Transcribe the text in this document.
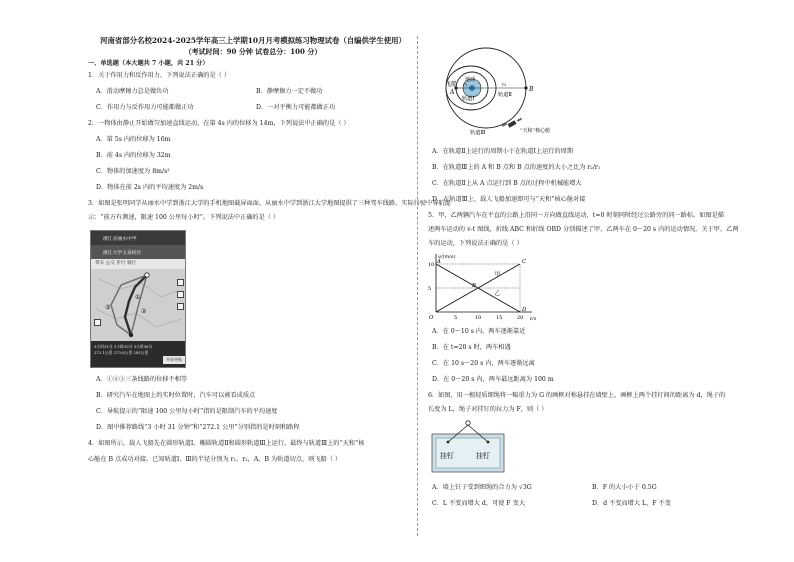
河南省部分名校2024-2025学年高三上学期10月月考模拟练习物理试卷（自编供学生使用）
（考试时间：90 分钟 试卷总分：100 分）
一、单选题（本大题共 7 小题，共 21 分）
1．关于作用力和反作用力，下列说法正确的是（ ）
A．滑动摩擦力总是做负功	B．静摩擦力一定不做功
C．作用力与反作用力可能都做正功	D．一对平衡力可能都做正功
2．一物体由静止开始做匀加速直线运动，在第 4s 内的位移为 14m，下列说法中正确的是（ ）
A．第 5s 内的位移为 16m
B．前 4s 内的位移为 32m
C．物体的加速度为 8m/s²
D．物体在前 2s 内的平均速度为 2m/s
3．如图是张明同学从丽水中学到浙江大学的手机地图截屏面面，从丽水中学到浙江大学地图提供了三种驾车线路。实际行驶中导航提
示：“前方有测速，限速 100 公里每小时”。下列说法中正确的是（ ）
浙江省丽水中学
浙江大学玉泉校区
驾车 公交 步行 骑行
①
②
③
3小时31分 3小时35分 3小时38分
272.1公里 273.8公里 283公里
开始导航
A．①②③三条线路的位移不相等
B．研究汽车在地图上的实时位置时，汽车可以被看成质点
C．导航提示的“限速 100 公里每小时”指的是限制汽车的平均速度
D．图中推荐路线“3 小时 31 分钟”和“272.1 公里”分别指的是时刻和路程
4．如图所示，载人飞船先在圆形轨道Ⅰ、椭圆轨道Ⅱ和圆形轨道Ⅲ上运行，最终与轨道Ⅲ上的“天和”核
心舱在 B 点成功对接。已知轨道Ⅰ、Ⅲ的半径分别为 r₁、r₂，A、B 为轨道切点，则飞船（ ）
飞船
A	B
地球
轨道Ⅰ
轨道Ⅱ
轨道Ⅲ
r₁	r₂
“天和”核心舱
A．在轨道Ⅱ上运行的周期小于在轨道Ⅰ上运行的周期
B．在轨道Ⅲ上的 A 和 B 点和 B 点的速度的大小之比为 r₂/r₁
C．在轨道Ⅱ上从 A 点运行到 B 点的过程中机械能增大
D．在轨道Ⅲ上，载人飞船加速即可与“天和”核心舱对接
5．甲、乙两辆汽车在平直的公路上沿同一方向做直线运动，t=0 时刻同时经过公路旁的同一路标。如图是描
述两车运动的 v-t 图线，折线 ABC 和折线 OBD 分别描述了甲、乙两车在 0～20 s 内的运动情况。关于甲、乙两
车的运动，下列说法正确的是（ ）
v/(m/s)
t/s
5	10	15	20
5
10 A
B
C
D
O
甲
乙
A．在 0～10 s 内，两车逐渐靠近
B．在 t=20 s 时，两车相遇
C．在 10 s～20 s 内，两车逐渐远离
D．在 0～20 s 内，两车最远距离为 100 m
6．如图，用一根轻质细绳将一幅重力为 G 的画框对称悬挂在墙壁上，画框上两个挂钉间的距离为 d，绳子的
长度为 L，绳子对挂钉的拉力为 F，则（ ）
挂钉	挂钉
A．墙上钉子受到细绳的合力为 √3G	B．F 的大小小于 0.5G
C．L 不变而增大 d，可使 F 变大	D．d 不变而增大 L，F 不变
